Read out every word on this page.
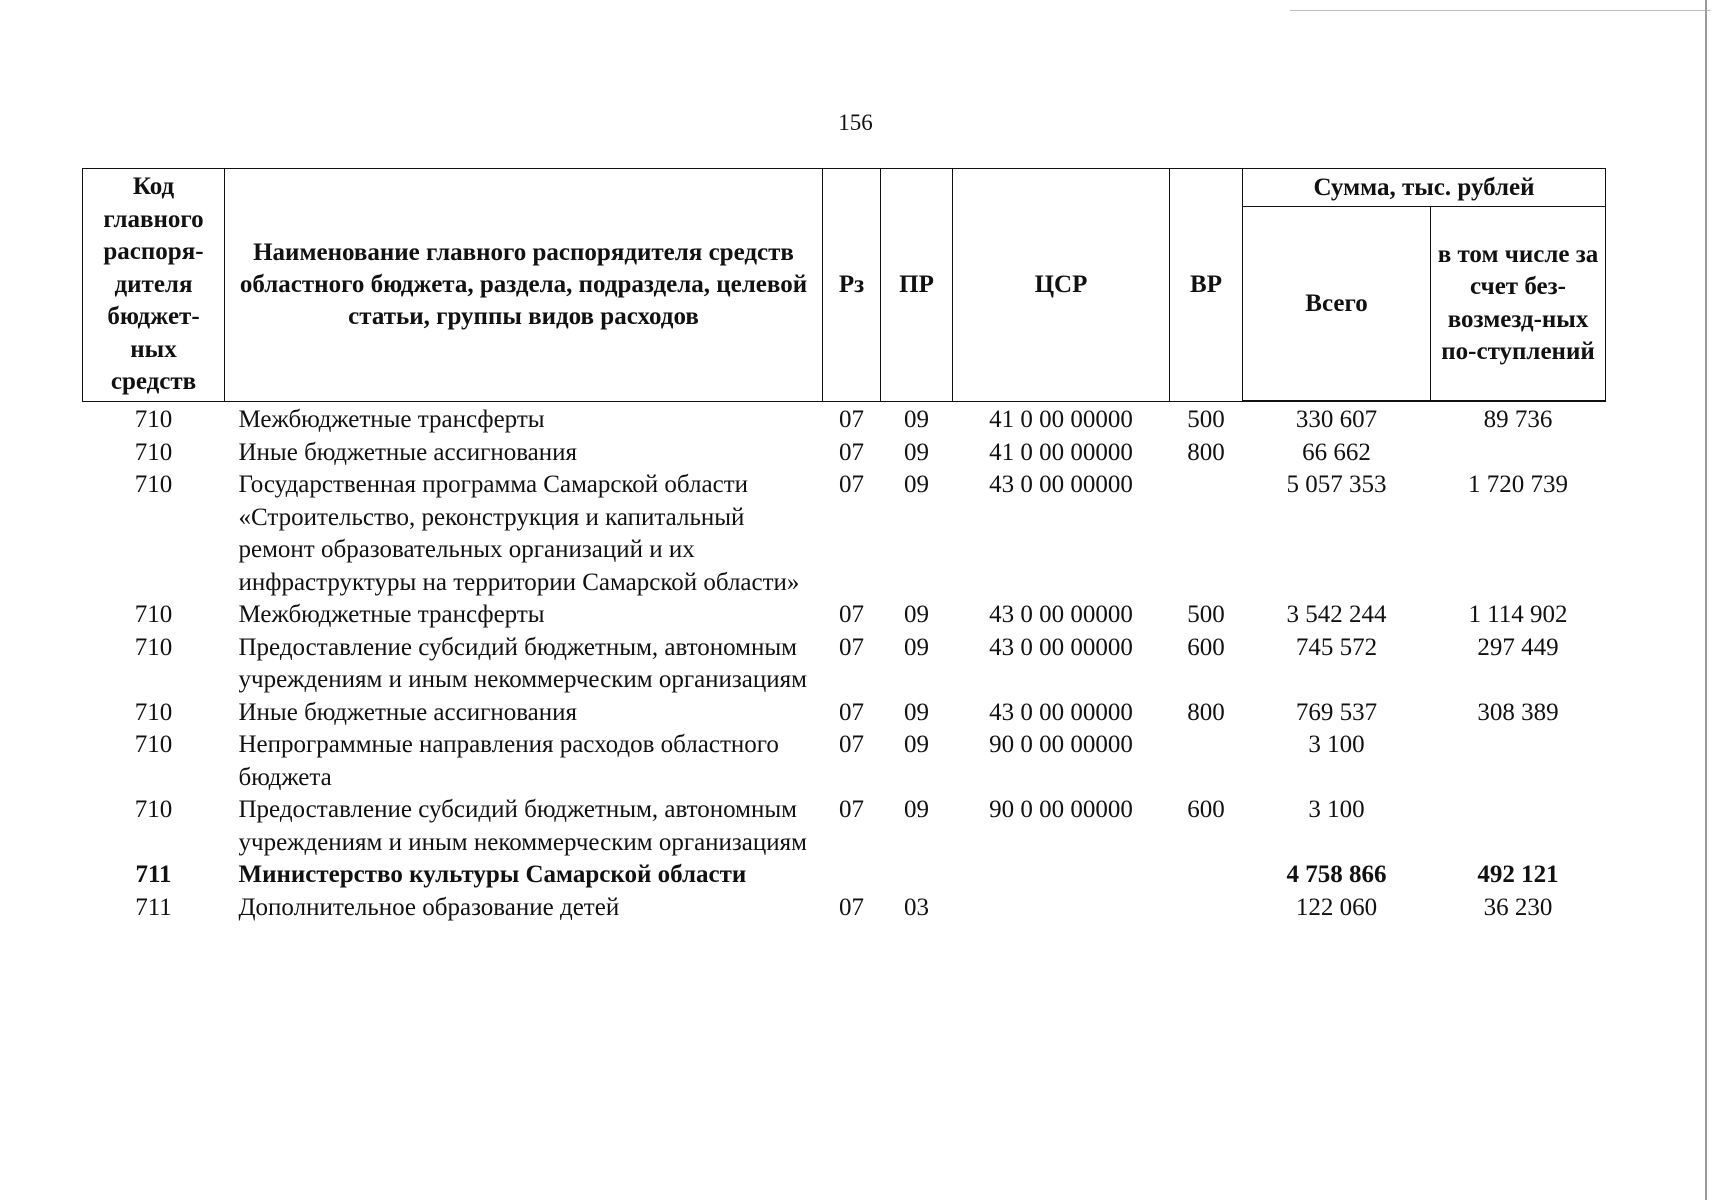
156
Код главного распоря-дителя бюджет-ных средств	Наименование главного распорядителя средств областного бюджета, раздела, подраздела, целевой статьи, группы видов расходов	Рз	ПР	ЦСР	ВР	Сумма, тыс. рублей	
						Всего	в том числе за счет без-возмезд-ных по-ступлений
710	Межбюджетные трансферты	07	09	41 0 00 00000	500	330 607	89 736
710	Иные бюджетные ассигнования	07	09	41 0 00 00000	800	66 662	
710	Государственная программа Самарской области «Строительство, реконструкция и капитальный ремонт образовательных организаций и их инфраструктуры на территории Самарской области»	07	09	43 0 00 00000		5 057 353	1 720 739
710	Межбюджетные трансферты	07	09	43 0 00 00000	500	3 542 244	1 114 902
710	Предоставление субсидий бюджетным, автономным учреждениям и иным некоммерческим организациям	07	09	43 0 00 00000	600	745 572	297 449
710	Иные бюджетные ассигнования	07	09	43 0 00 00000	800	769 537	308 389
710	Непрограммные направления расходов областного бюджета	07	09	90 0 00 00000		3 100	
710	Предоставление субсидий бюджетным, автономным учреждениям и иным некоммерческим организациям	07	09	90 0 00 00000	600	3 100	
711	Министерство культуры Самарской области					4 758 866	492 121
711	Дополнительное образование детей	07	03			122 060	36 230
